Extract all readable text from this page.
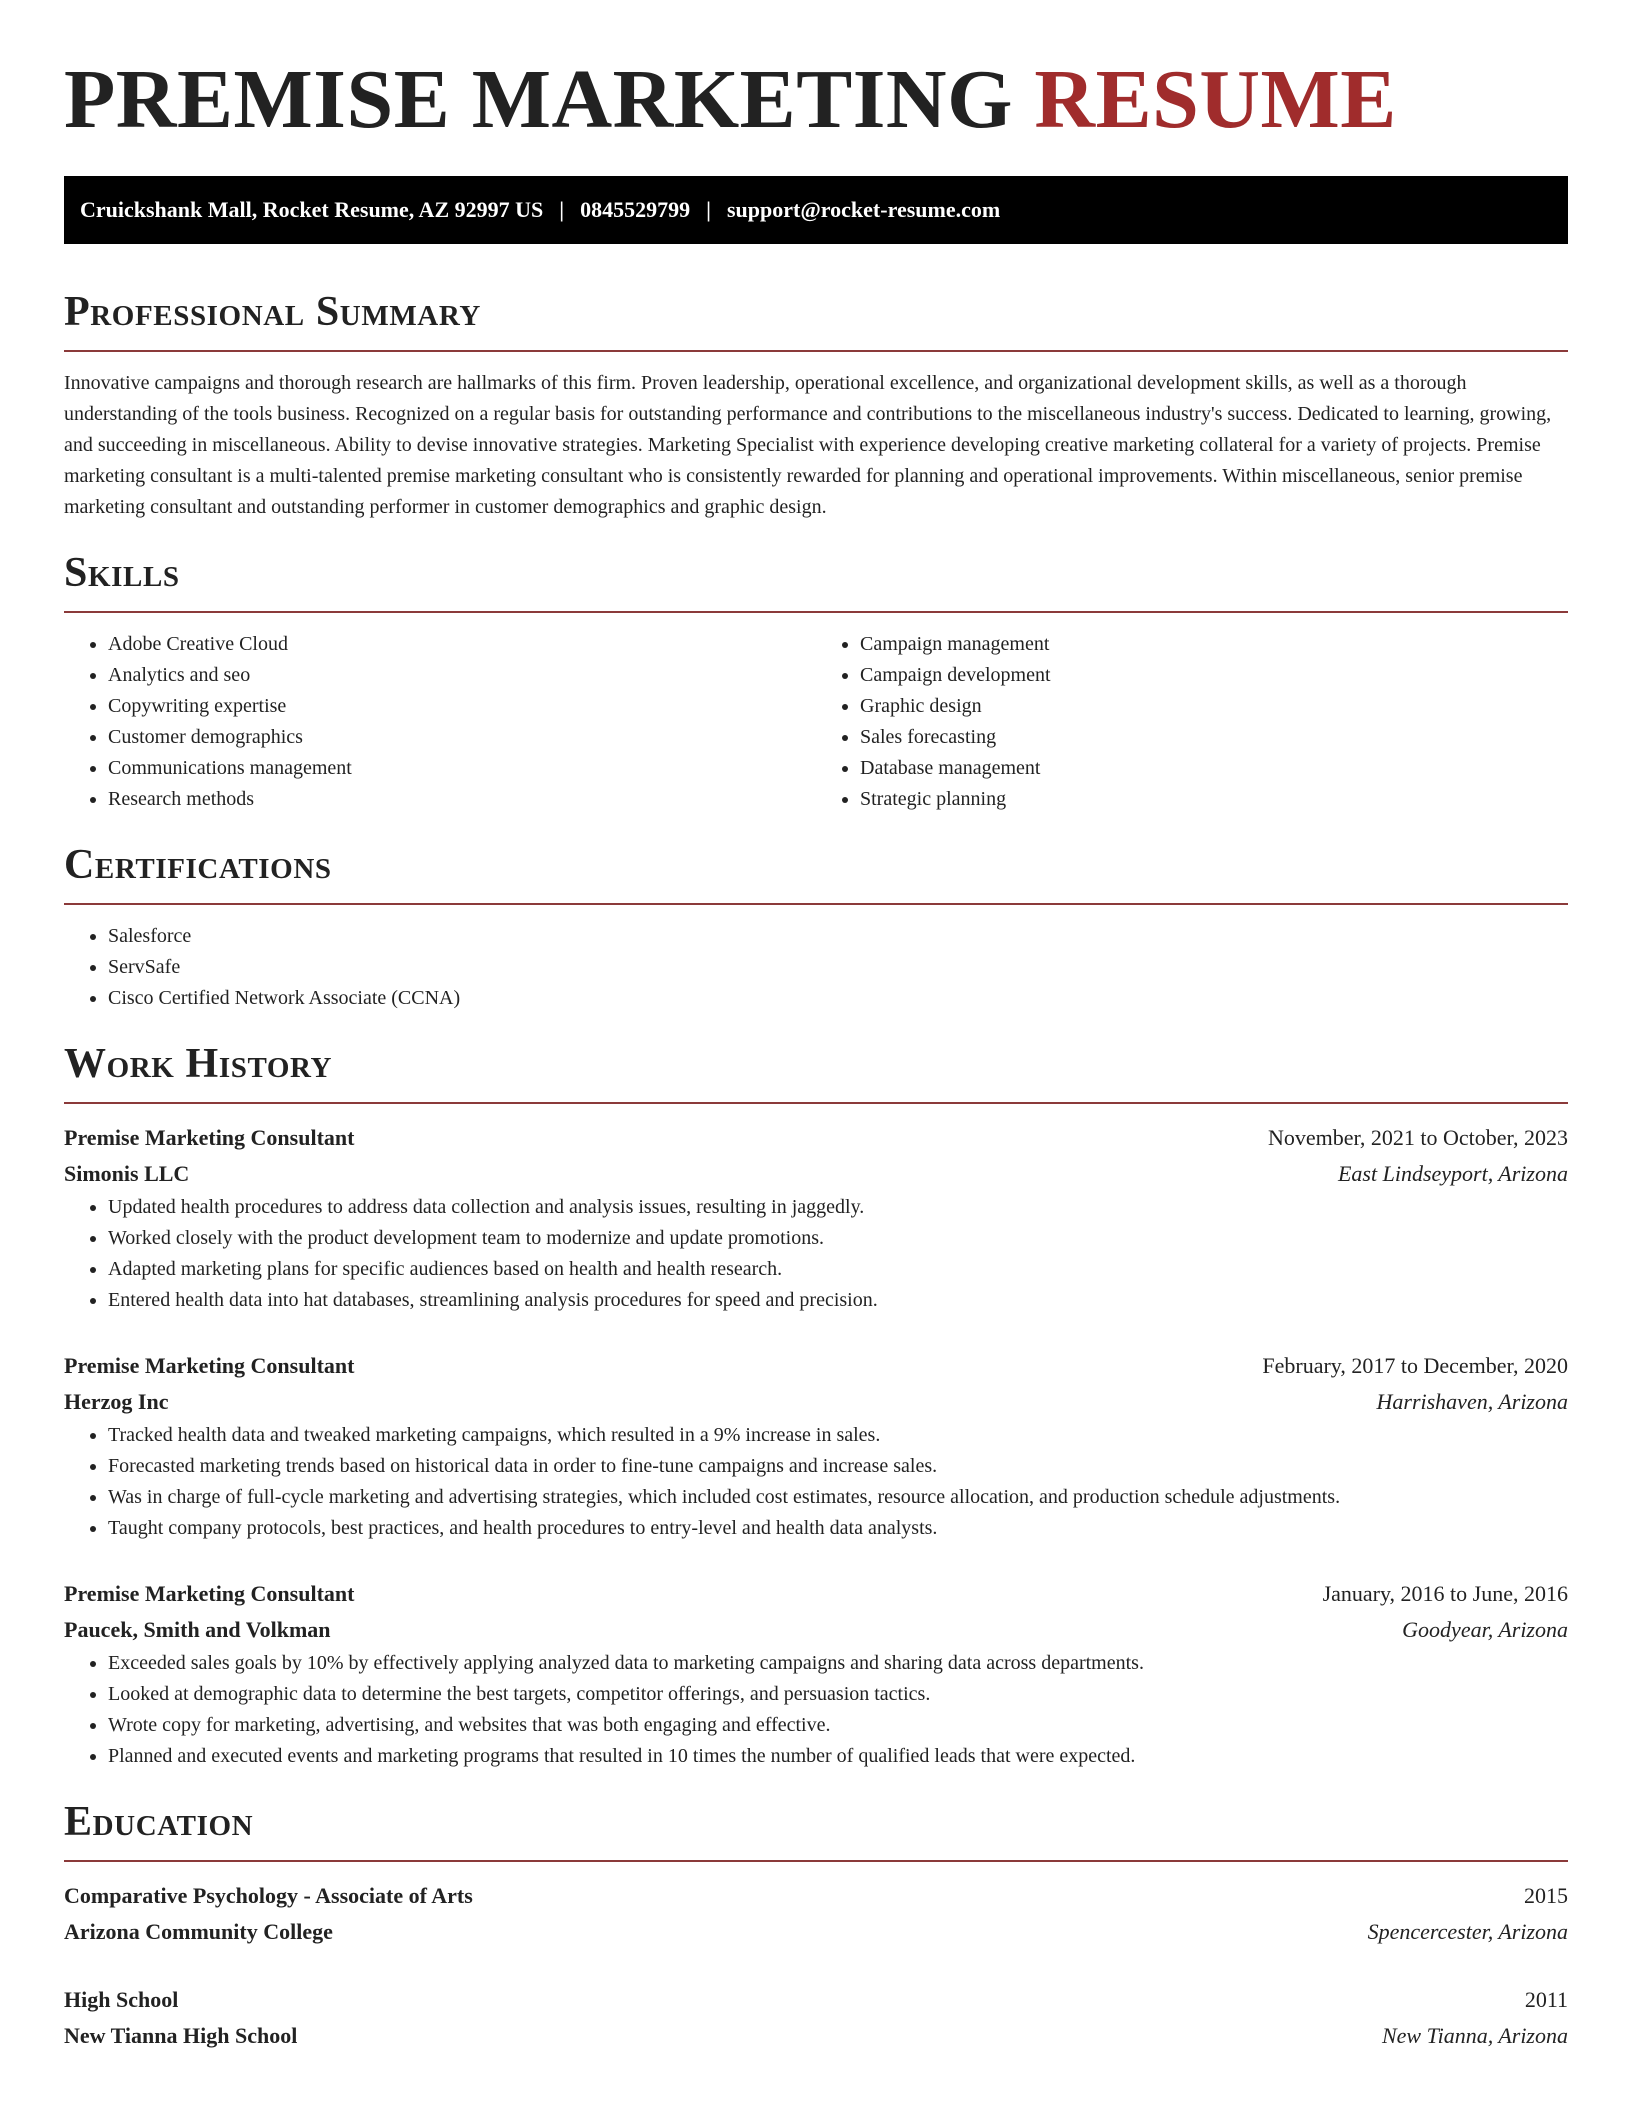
PREMISE MARKETING RESUME
Cruickshank Mall, Rocket Resume, AZ 92997 US | 0845529799 | support@rocket-resume.com
Professional Summary

Innovative campaigns and thorough research are hallmarks of this firm. Proven leadership, operational excellence, and organizational development skills, as well as a thorough understanding of the tools business. Recognized on a regular basis for outstanding performance and contributions to the miscellaneous industry's success. Dedicated to learning, growing, and succeeding in miscellaneous. Ability to devise innovative strategies. Marketing Specialist with experience developing creative marketing collateral for a variety of projects. Premise marketing consultant is a multi-talented premise marketing consultant who is consistently rewarded for planning and operational improvements. Within miscellaneous, senior premise marketing consultant and outstanding performer in customer demographics and graphic design.

Skills
• Adobe Creative Cloud
• Analytics and seo
• Copywriting expertise
• Customer demographics
• Communications management
• Research methods
• Campaign management
• Campaign development
• Graphic design
• Sales forecasting
• Database management
• Strategic planning
Certifications
• Salesforce
• ServSafe
• Cisco Certified Network Associate (CCNA)
Work History
Premise Marketing Consultant	November, 2021 to October, 2023
Simonis LLC	East Lindseyport, Arizona
• Updated health procedures to address data collection and analysis issues, resulting in jaggedly.
• Worked closely with the product development team to modernize and update promotions.
• Adapted marketing plans for specific audiences based on health and health research.
• Entered health data into hat databases, streamlining analysis procedures for speed and precision.
Premise Marketing Consultant	February, 2017 to December, 2020
Herzog Inc	Harrishaven, Arizona
• Tracked health data and tweaked marketing campaigns, which resulted in a 9% increase in sales.
• Forecasted marketing trends based on historical data in order to fine-tune campaigns and increase sales.
• Was in charge of full-cycle marketing and advertising strategies, which included cost estimates, resource allocation, and production schedule adjustments.
• Taught company protocols, best practices, and health procedures to entry-level and health data analysts.
Premise Marketing Consultant	January, 2016 to June, 2016
Paucek, Smith and Volkman	Goodyear, Arizona
• Exceeded sales goals by 10% by effectively applying analyzed data to marketing campaigns and sharing data across departments.
• Looked at demographic data to determine the best targets, competitor offerings, and persuasion tactics.
• Wrote copy for marketing, advertising, and websites that was both engaging and effective.
• Planned and executed events and marketing programs that resulted in 10 times the number of qualified leads that were expected.
Education
Comparative Psychology - Associate of Arts	2015
Arizona Community College	Spencercester, Arizona
High School	2011
New Tianna High School	New Tianna, Arizona
